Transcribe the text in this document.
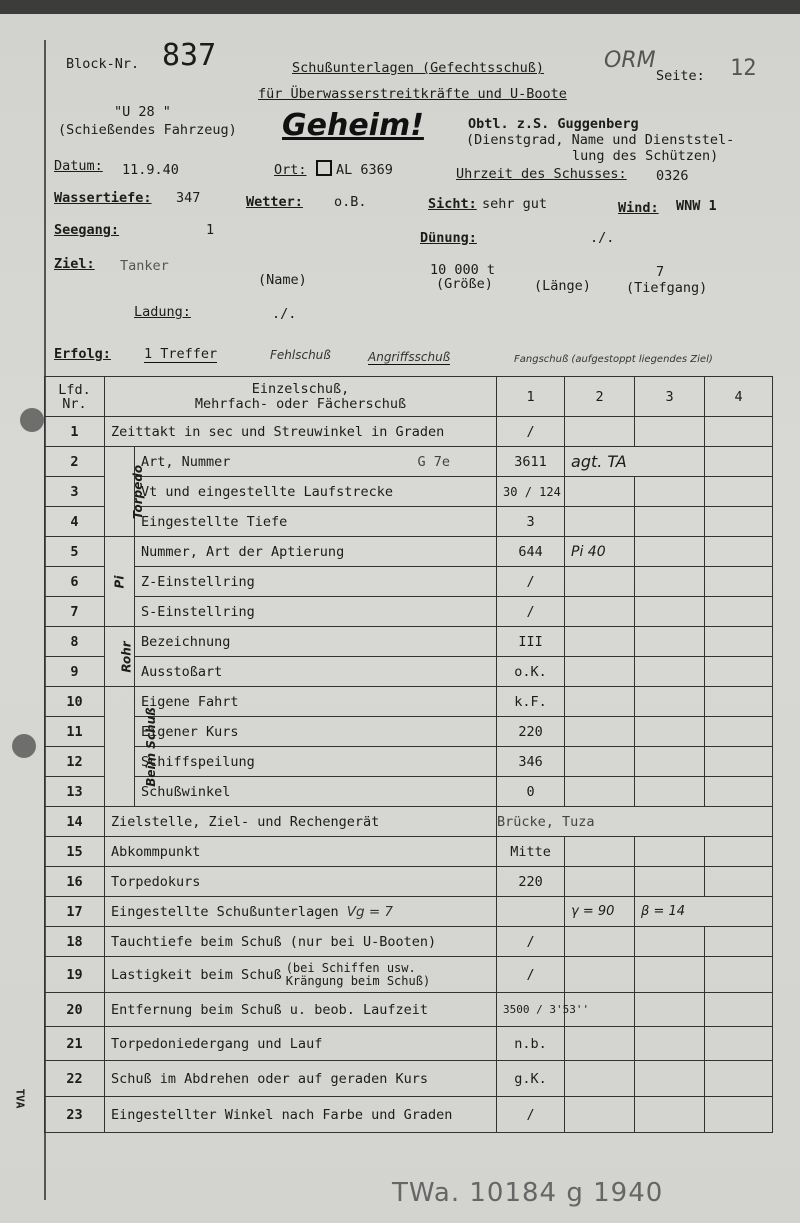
Block-Nr. 837	Schußunterlagen (Gefechtsschuß)
für Überwasserstreitkräfte und U-Boote
ORM
Seite: 12
"U 28 "
(Schießendes Fahrzeug) Geheim!	Obtl. z.S. Guggenberg
(Dienstgrad, Name und Dienststel-
lung des Schützen)
Datum: 11.9.40	Ort: AL 6369	Uhrzeit des Schusses: 0326
Wassertiefe: 347	Wetter: o.B.	Sicht: sehr gut	Wind: WNW 1
Seegang:	1	Dünung:	./.
Ziel: Tanker	10 000 t	7
(Name)	(Größe)	(Länge)	(Tiefgang)
Ladung:	./.
Erfolg: 1 Treffer	Fehlschuß	Angriffsschuß	Fangschuß (aufgestoppt liegendes Ziel)
Lfd.
Nr.	Einzelschuß,
Mehrfach- oder Fächerschuß		1	2	3	4
1	Zeittakt in sec und Streuwinkel in Graden		/			
2	Torpedo	Art, Nummer G 7e	3611	agt. TA		
3		Vt und eingestellte Laufstrecke	30 / 124			
4		Eingestellte Tiefe	3			
5	Pi	Nummer, Art der Aptierung	644	Pi 40		
6		Z-Einstellring	/			
7		S-Einstellring	/			
8	Rohr	Bezeichnung	III			
9		Ausstoßart	o.K.			
10	Beim Schuß	Eigene Fahrt	k.F.			
11		Eigener Kurs	220			
12		Schiffspeilung	346			
13		Schußwinkel	0			
14	Zielstelle, Ziel- und Rechengerät		Brücke, Tuza			
15	Abkommpunkt		Mitte			
16	Torpedokurs		220			
17	Eingestellte Schußunterlagen Vg = 7			γ = 90	β = 14	
18	Tauchtiefe beim Schuß (nur bei U-Booten)		/			
19	Lastigkeit beim Schuß (bei Schiffen usw.
Krängung beim Schuß)		/			
20	Entfernung beim Schuß u. beob. Laufzeit		3500 / 3'53''			
21	Torpedoniedergang und Lauf		n.b.			
22	Schuß im Abdrehen oder auf geraden Kurs		g.K.			
23	Eingestellter Winkel nach Farbe und Graden		/			
TVA
TWa. 10184 g 1940
